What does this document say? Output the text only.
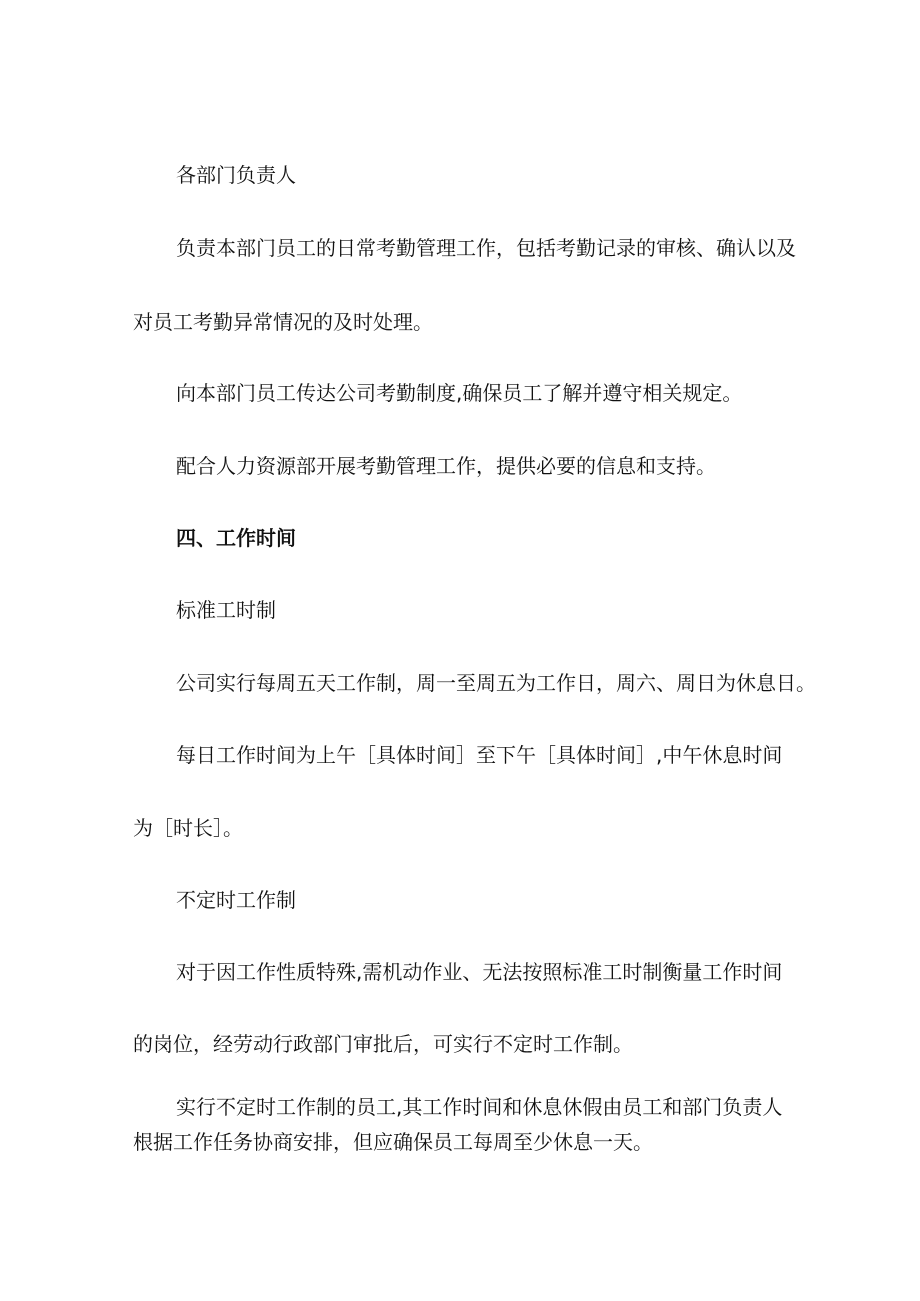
各部门负责人

负责本部门员工的日常考勤管理工作，包括考勤记录的审核、确认以及

对员工考勤异常情况的及时处理。

向本部门员工传达公司考勤制度,确保员工了解并遵守相关规定。

配合人力资源部开展考勤管理工作，提供必要的信息和支持。

四、工作时间

标准工时制

公司实行每周五天工作制，周一至周五为工作日，周六、周日为休息日。

每日工作时间为上午［具体时间］至下午［具体时间］,中午休息时间

为［时长］。

不定时工作制

对于因工作性质特殊,需机动作业、无法按照标准工时制衡量工作时间

的岗位，经劳动行政部门审批后，可实行不定时工作制。

实行不定时工作制的员工,其工作时间和休息休假由员工和部门负责人

根据工作任务协商安排，但应确保员工每周至少休息一天。
